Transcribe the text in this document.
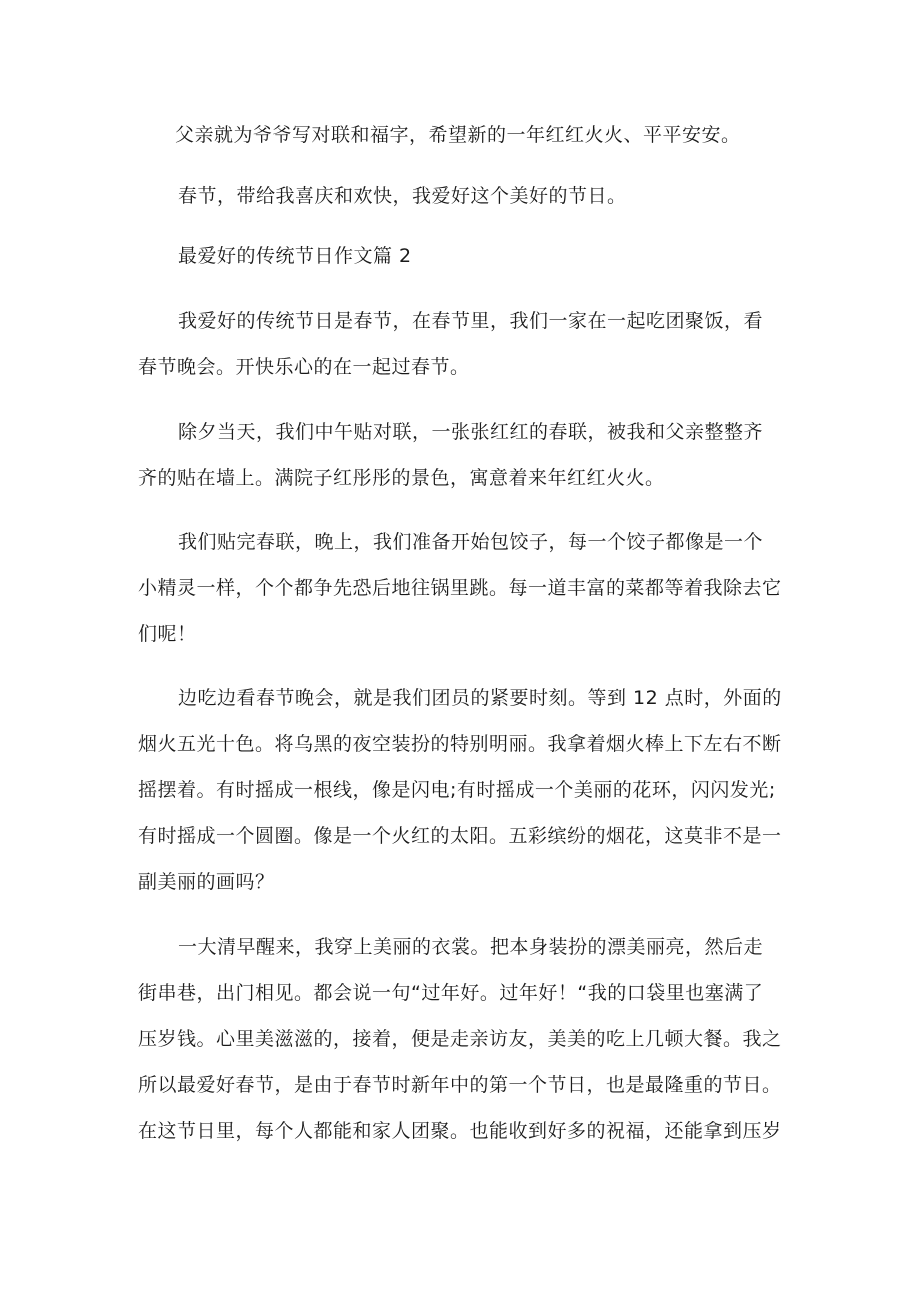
父亲就为爷爷写对联和福字，希望新的一年红红火火、平平安安。
春节，带给我喜庆和欢快，我爱好这个美好的节日。
最爱好的传统节日作文篇 2
我爱好的传统节日是春节，在春节里，我们一家在一起吃团聚饭，看
春节晚会。开快乐心的在一起过春节。
除夕当天，我们中午贴对联，一张张红红的春联，被我和父亲整整齐
齐的贴在墙上。满院子红彤彤的景色，寓意着来年红红火火。
我们贴完春联，晚上，我们准备开始包饺子，每一个饺子都像是一个
小精灵一样，个个都争先恐后地往锅里跳。每一道丰富的菜都等着我除去它
们呢！
边吃边看春节晚会，就是我们团员的紧要时刻。等到 12 点时，外面的
烟火五光十色。将乌黑的夜空装扮的特别明丽。我拿着烟火棒上下左右不断
摇摆着。有时摇成一根线，像是闪电;有时摇成一个美丽的花环，闪闪发光;
有时摇成一个圆圈。像是一个火红的太阳。五彩缤纷的烟花，这莫非不是一
副美丽的画吗？
一大清早醒来，我穿上美丽的衣裳。把本身装扮的漂美丽亮，然后走
街串巷，出门相见。都会说一句“过年好。过年好！“我的口袋里也塞满了
压岁钱。心里美滋滋的，接着，便是走亲访友，美美的吃上几顿大餐。我之
所以最爱好春节，是由于春节时新年中的第一个节日，也是最隆重的节日。
在这节日里，每个人都能和家人团聚。也能收到好多的祝福，还能拿到压岁
